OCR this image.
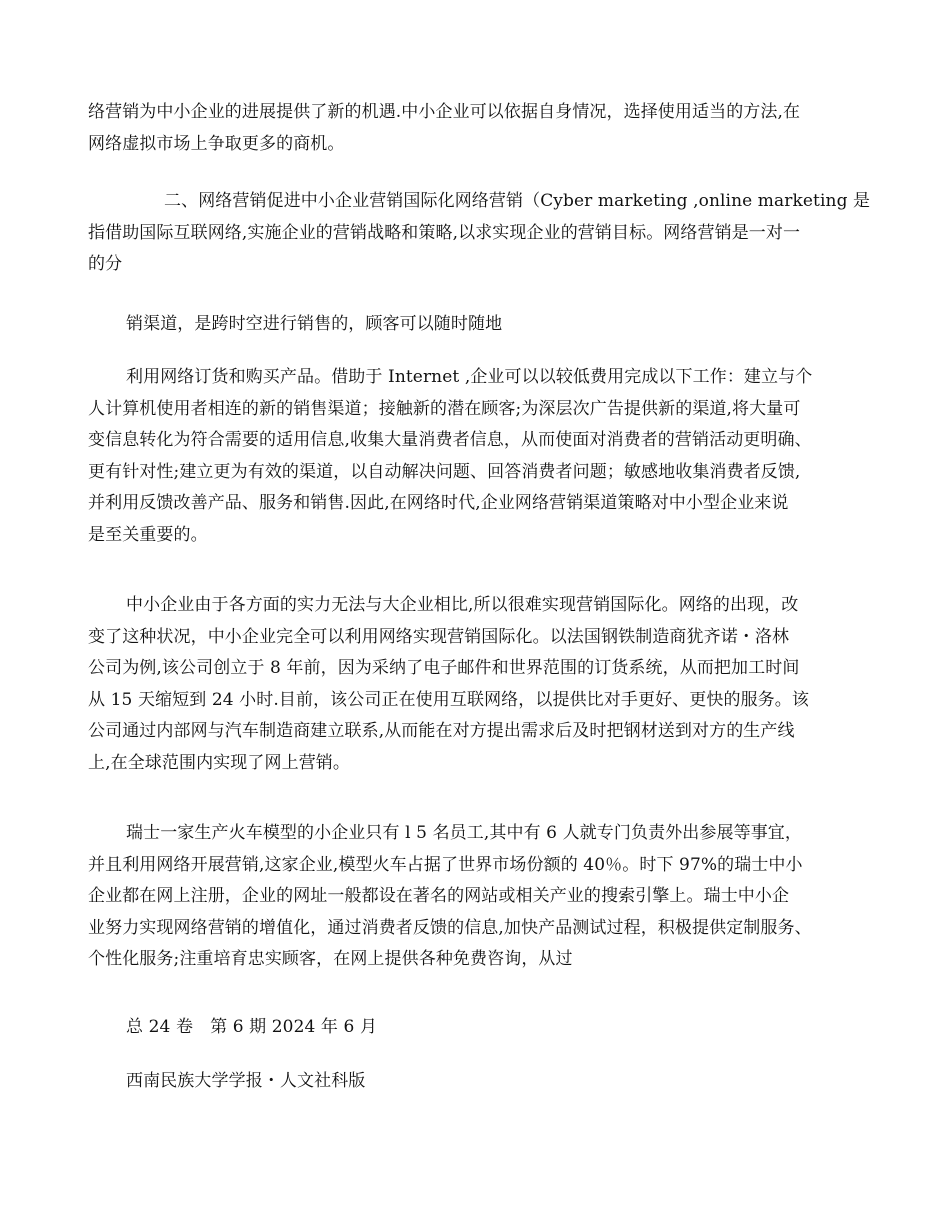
络营销为中小企业的进展提供了新的机遇.中小企业可以依据自身情况，选择使用适当的方法,在
网络虚拟市场上争取更多的商机。
二、网络营销促进中小企业营销国际化网络营销（Cyber marketing ,online marketing 是
指借助国际互联网络,实施企业的营销战略和策略,以求实现企业的营销目标。网络营销是一对一
的分
销渠道，是跨时空进行销售的，顾客可以随时随地
利用网络订货和购买产品。借助于 Internet ,企业可以以较低费用完成以下工作：建立与个
人计算机使用者相连的新的销售渠道；接触新的潜在顾客;为深层次广告提供新的渠道,将大量可
变信息转化为符合需要的适用信息,收集大量消费者信息，从而使面对消费者的营销活动更明确、
更有针对性;建立更为有效的渠道，以自动解决问题、回答消费者问题；敏感地收集消费者反馈,
并利用反馈改善产品、服务和销售.因此,在网络时代,企业网络营销渠道策略对中小型企业来说
是至关重要的。
中小企业由于各方面的实力无法与大企业相比,所以很难实现营销国际化。网络的出现，改
变了这种状况，中小企业完全可以利用网络实现营销国际化。以法国钢铁制造商犹齐诺・洛林
公司为例,该公司创立于 8 年前，因为采纳了电子邮件和世界范围的订货系统，从而把加工时间
从 15 天缩短到 24 小时.目前，该公司正在使用互联网络，以提供比对手更好、更快的服务。该
公司通过内部网与汽车制造商建立联系,从而能在对方提出需求后及时把钢材送到对方的生产线
上,在全球范围内实现了网上营销。
瑞士一家生产火车模型的小企业只有 l 5 名员工,其中有 6 人就专门负责外出参展等事宜，
并且利用网络开展营销,这家企业,模型火车占据了世界市场份额的 40％。时下 97%的瑞士中小
企业都在网上注册，企业的网址一般都设在著名的网站或相关产业的搜索引擎上。瑞士中小企
业努力实现网络营销的增值化，通过消费者反馈的信息,加快产品测试过程，积极提供定制服务、
个性化服务;注重培育忠实顾客，在网上提供各种免费咨询，从过
总 24 卷　第 6 期 2024 年 6 月
西南民族大学学报・人文社科版
